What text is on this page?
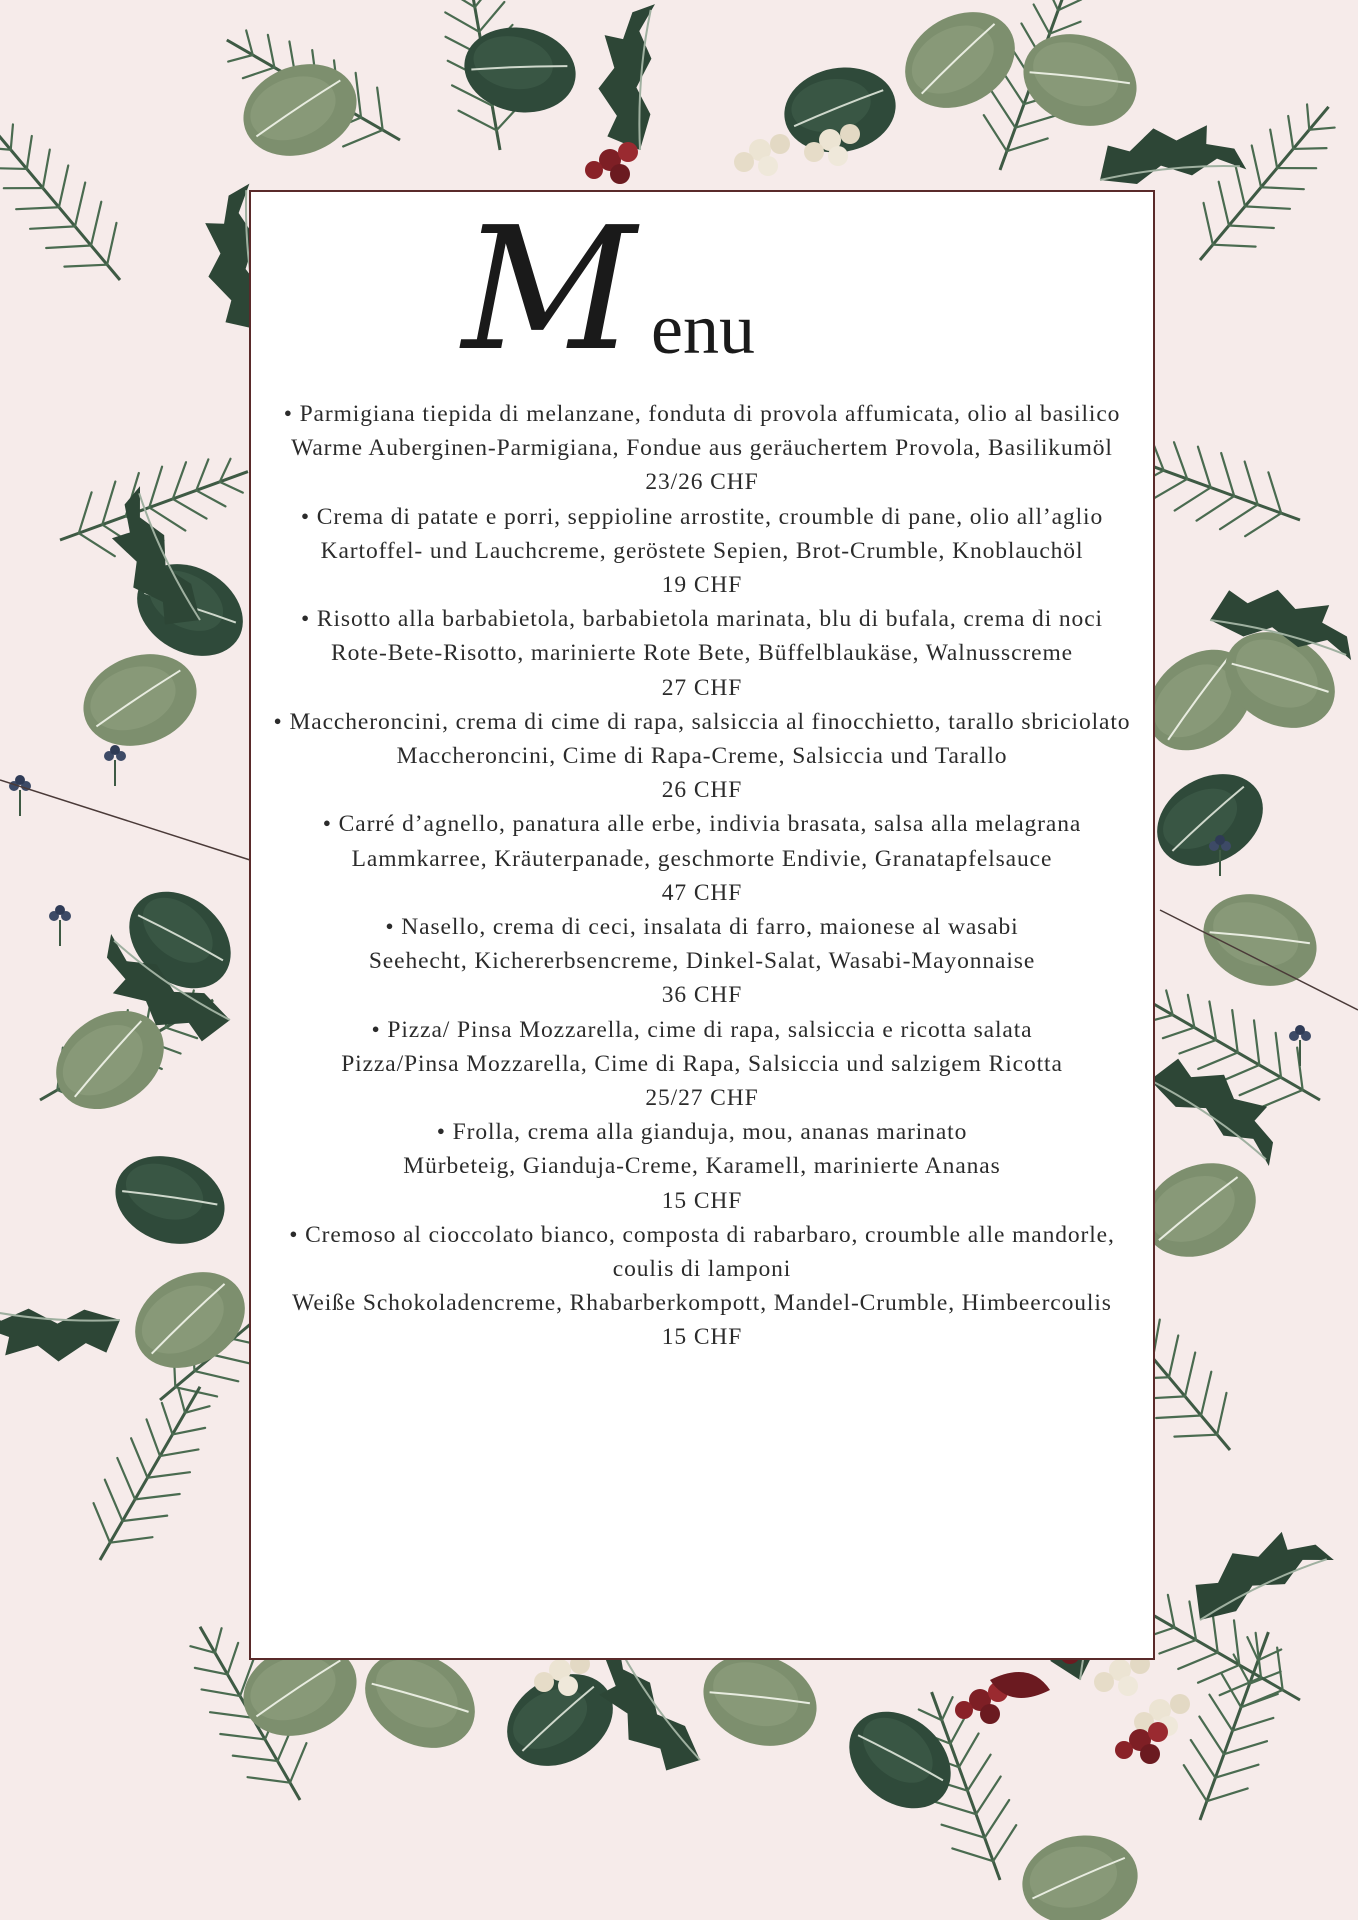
M enu
• Parmigiana tiepida di melanzane, fonduta di provola affumicata, olio al basilico
Warme Auberginen-Parmigiana, Fondue aus geräuchertem Provola, Basilikumöl
23/26 CHF
• Crema di patate e porri, seppioline arrostite, croumble di pane, olio all’aglio
Kartoffel- und Lauchcreme, geröstete Sepien, Brot-Crumble, Knoblauchöl
19 CHF
• Risotto alla barbabietola, barbabietola marinata, blu di bufala, crema di noci
Rote-Bete-Risotto, marinierte Rote Bete, Büffelblaukäse, Walnusscreme
27 CHF
• Maccheroncini, crema di cime di rapa, salsiccia al finocchietto, tarallo sbriciolato
Maccheroncini, Cime di Rapa-Creme, Salsiccia und Tarallo
26 CHF
• Carré d’agnello, panatura alle erbe, indivia brasata, salsa alla melagrana
Lammkarree, Kräuterpanade, geschmorte Endivie, Granatapfelsauce
47 CHF
• Nasello, crema di ceci, insalata di farro, maionese al wasabi
Seehecht, Kichererbsencreme, Dinkel-Salat, Wasabi-Mayonnaise
36 CHF
• Pizza/ Pinsa Mozzarella, cime di rapa, salsiccia e ricotta salata
Pizza/Pinsa Mozzarella, Cime di Rapa, Salsiccia und salzigem Ricotta
25/27 CHF
• Frolla, crema alla gianduja, mou, ananas marinato
Mürbeteig, Gianduja-Creme, Karamell, marinierte Ananas
15 CHF
• Cremoso al cioccolato bianco, composta di rabarbaro, croumble alle mandorle, coulis di lamponi
Weiße Schokoladencreme, Rhabarberkompott, Mandel-Crumble, Himbeercoulis
15 CHF
